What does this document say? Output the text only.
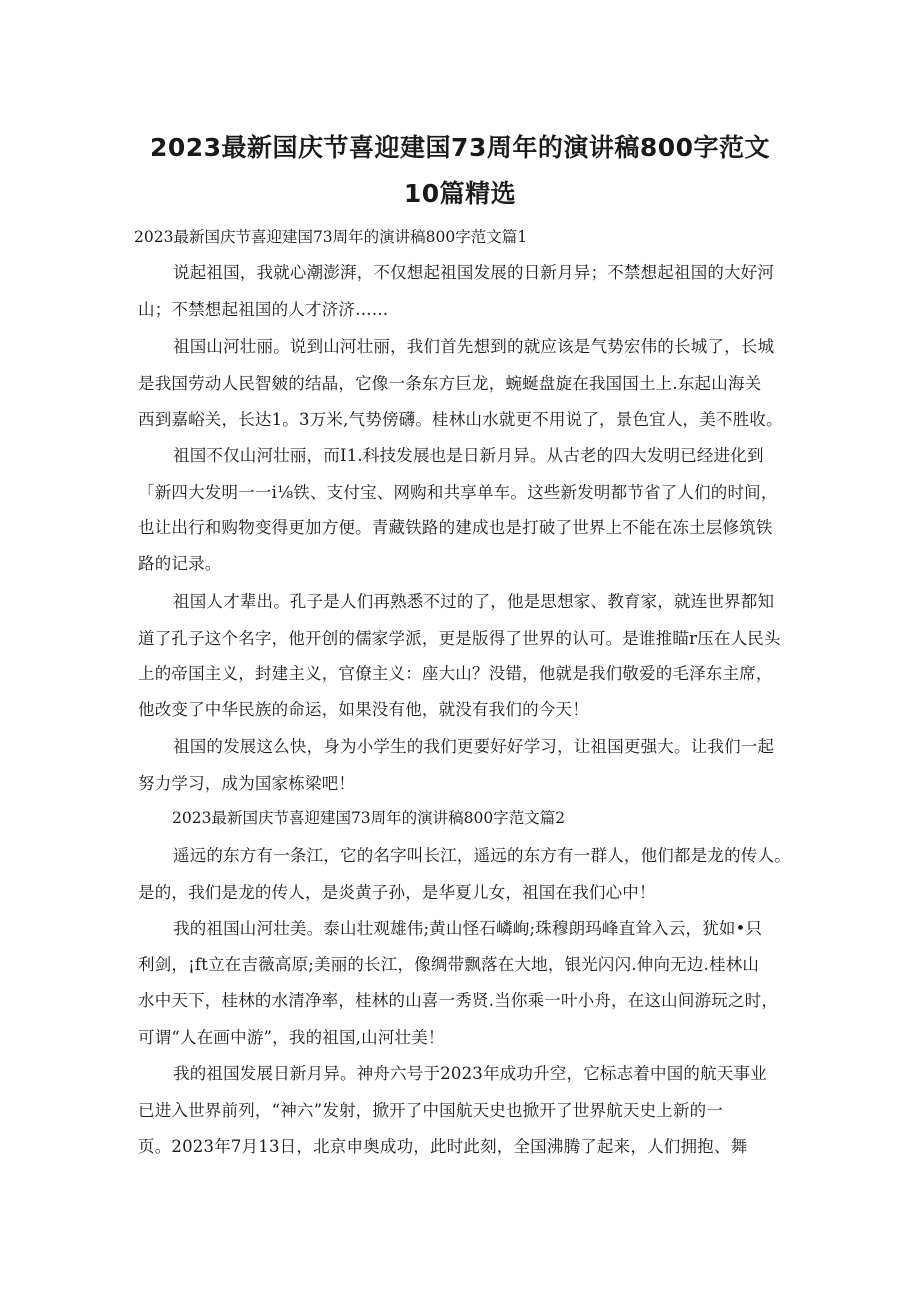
2023最新国庆节喜迎建国73周年的演讲稿800字范文
10篇精选

2023最新国庆节喜迎建国73周年的演讲稿800字范文篇1

说起祖国，我就心潮澎湃，不仅想起祖国发展的日新月异；不禁想起祖国的大好河

山；不禁想起祖国的人才济济……

祖国山河壮丽。说到山河壮丽，我们首先想到的就应该是气势宏伟的长城了，长城

是我国劳动人民智皴的结晶，它像一条东方巨龙，蜿蜒盘旋在我国国土上.东起山海关

西到嘉峪关，长达1。3万米,气势傍礴。桂林山水就更不用说了，景色宜人，美不胜收。

祖国不仅山河壮丽，而I1.科技发展也是日新月异。从古老的四大发明已经进化到

「新四大发明一一i⅛铁、支付宝、网购和共享单车。这些新发明都节省了人们的时间，

也让出行和购物变得更加方便。青藏铁路的建成也是打破了世界上不能在冻土层修筑铁

路的记录。

祖国人才辈出。孔子是人们再熟悉不过的了，他是思想家、教育家，就连世界都知

道了孔子这个名字，他开创的儒家学派，更是版得了世界的认可。是谁推瞄r压在人民头

上的帝国主义，封建主义，官僚主义：座大山？没错，他就是我们敬爱的毛泽东主席，

他改变了中华民族的命运，如果没有他，就没有我们的今天！

祖国的发展这么快，身为小学生的我们更要好好学习，让祖国更强大。让我们一起

努力学习，成为国家栋梁吧！

2023最新国庆节喜迎建国73周年的演讲稿800字范文篇2

遥远的东方有一条江，它的名字叫长江，遥远的东方有一群人，他们都是龙的传人。

是的，我们是龙的传人，是炎黄子孙，是华夏儿女，祖国在我们心中！

我的祖国山河壮美。泰山壮观雄伟;黄山怪石嶙峋;珠穆朗玛峰直耸入云，犹如•只

利剑，¡ft立在吉薇高原;美丽的长江，像绸带飘落在大地，银光闪闪.伸向无边.桂林山

水中天下，桂林的水清净率，桂林的山喜一秀贤.当你乘一叶小舟，在这山间游玩之时，

可谓“人在画中游”，我的祖国,山河壮美！

我的祖国发展日新月异。神舟六号于2023年成功升空，它标志着中国的航天事业

已进入世界前列，“神六”发射，掀开了中国航天史也掀开了世界航天史上新的一

页。2023年7月13日，北京申奥成功，此时此刻，全国沸腾了起来，人们拥抱、舞
